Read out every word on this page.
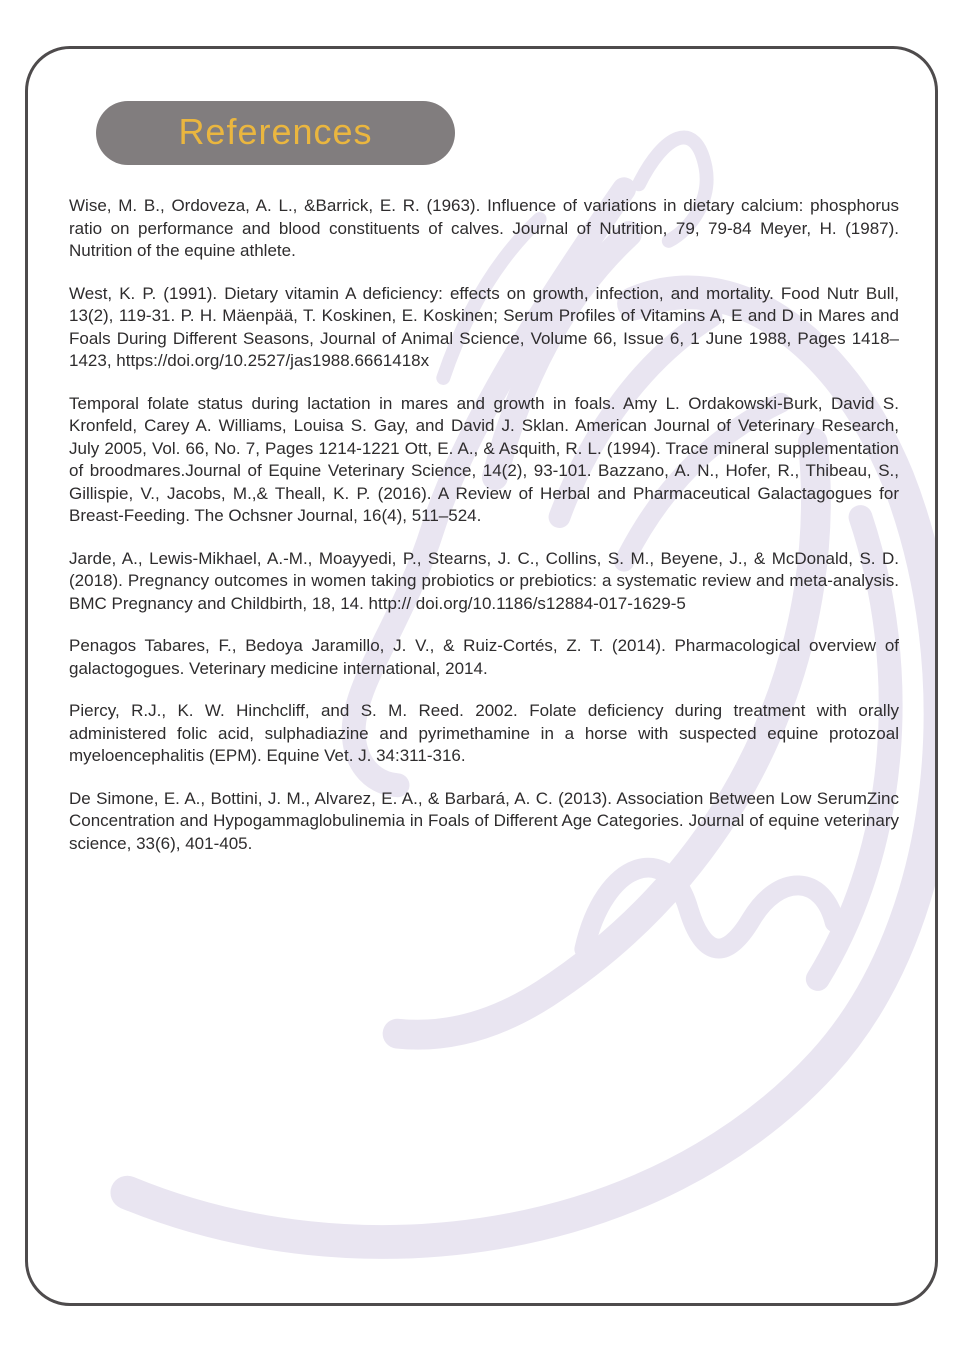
References

Wise, M. B., Ordoveza, A. L., &Barrick, E. R. (1963). Influence of variations in dietary calcium: phosphorus ratio on performance and blood constituents of calves. Journal of Nutrition, 79, 79-84 Meyer, H. (1987). Nutrition of the equine athlete.

West, K. P. (1991). Dietary vitamin A deficiency: effects on growth, infection, and mortality. Food Nutr Bull, 13(2), 119-31. P. H. Mäenpää, T. Koskinen, E. Koskinen; Serum Profiles of Vitamins A, E and D in Mares and Foals During Different Seasons, Journal of Animal Science, Volume 66, Issue 6, 1 June 1988, Pages 1418–1423, https://doi.org/10.2527/jas1988.6661418x

Temporal folate status during lactation in mares and growth in foals. Amy L. Ordakowski-Burk, David S. Kronfeld, Carey A. Williams, Louisa S. Gay, and David J. Sklan. American Journal of Veterinary Research, July 2005, Vol. 66, No. 7, Pages 1214-1221 Ott, E. A., & Asquith, R. L. (1994). Trace mineral supplementation of broodmares.Journal of Equine Veterinary Science, 14(2), 93-101. Bazzano, A. N., Hofer, R., Thibeau, S., Gillispie, V., Jacobs, M.,& Theall, K. P. (2016). A Review of Herbal and Pharmaceutical Galactagogues for Breast-Feeding. The Ochsner Journal, 16(4), 511–524.

Jarde, A., Lewis-Mikhael, A.-M., Moayyedi, P., Stearns, J. C., Collins, S. M., Beyene, J., & McDonald, S. D. (2018). Pregnancy outcomes in women taking probiotics or prebiotics: a systematic review and meta-analysis. BMC Pregnancy and Childbirth, 18, 14. http:// doi.org/10.1186/s12884-017-1629-5

Penagos Tabares, F., Bedoya Jaramillo, J. V., & Ruiz-Cortés, Z. T. (2014). Pharmacological overview of galactogogues. Veterinary medicine international, 2014.

Piercy, R.J., K. W. Hinchcliff, and S. M. Reed. 2002. Folate deficiency during treatment with orally administered folic acid, sulphadiazine and pyrimethamine in a horse with suspected equine protozoal myeloencephalitis (EPM). Equine Vet. J. 34:311-316.

De Simone, E. A., Bottini, J. M., Alvarez, E. A., & Barbará, A. C. (2013). Association Between Low SerumZinc Concentration and Hypogammaglobulinemia in Foals of Different Age Categories. Journal of equine veterinary science, 33(6), 401-405.
